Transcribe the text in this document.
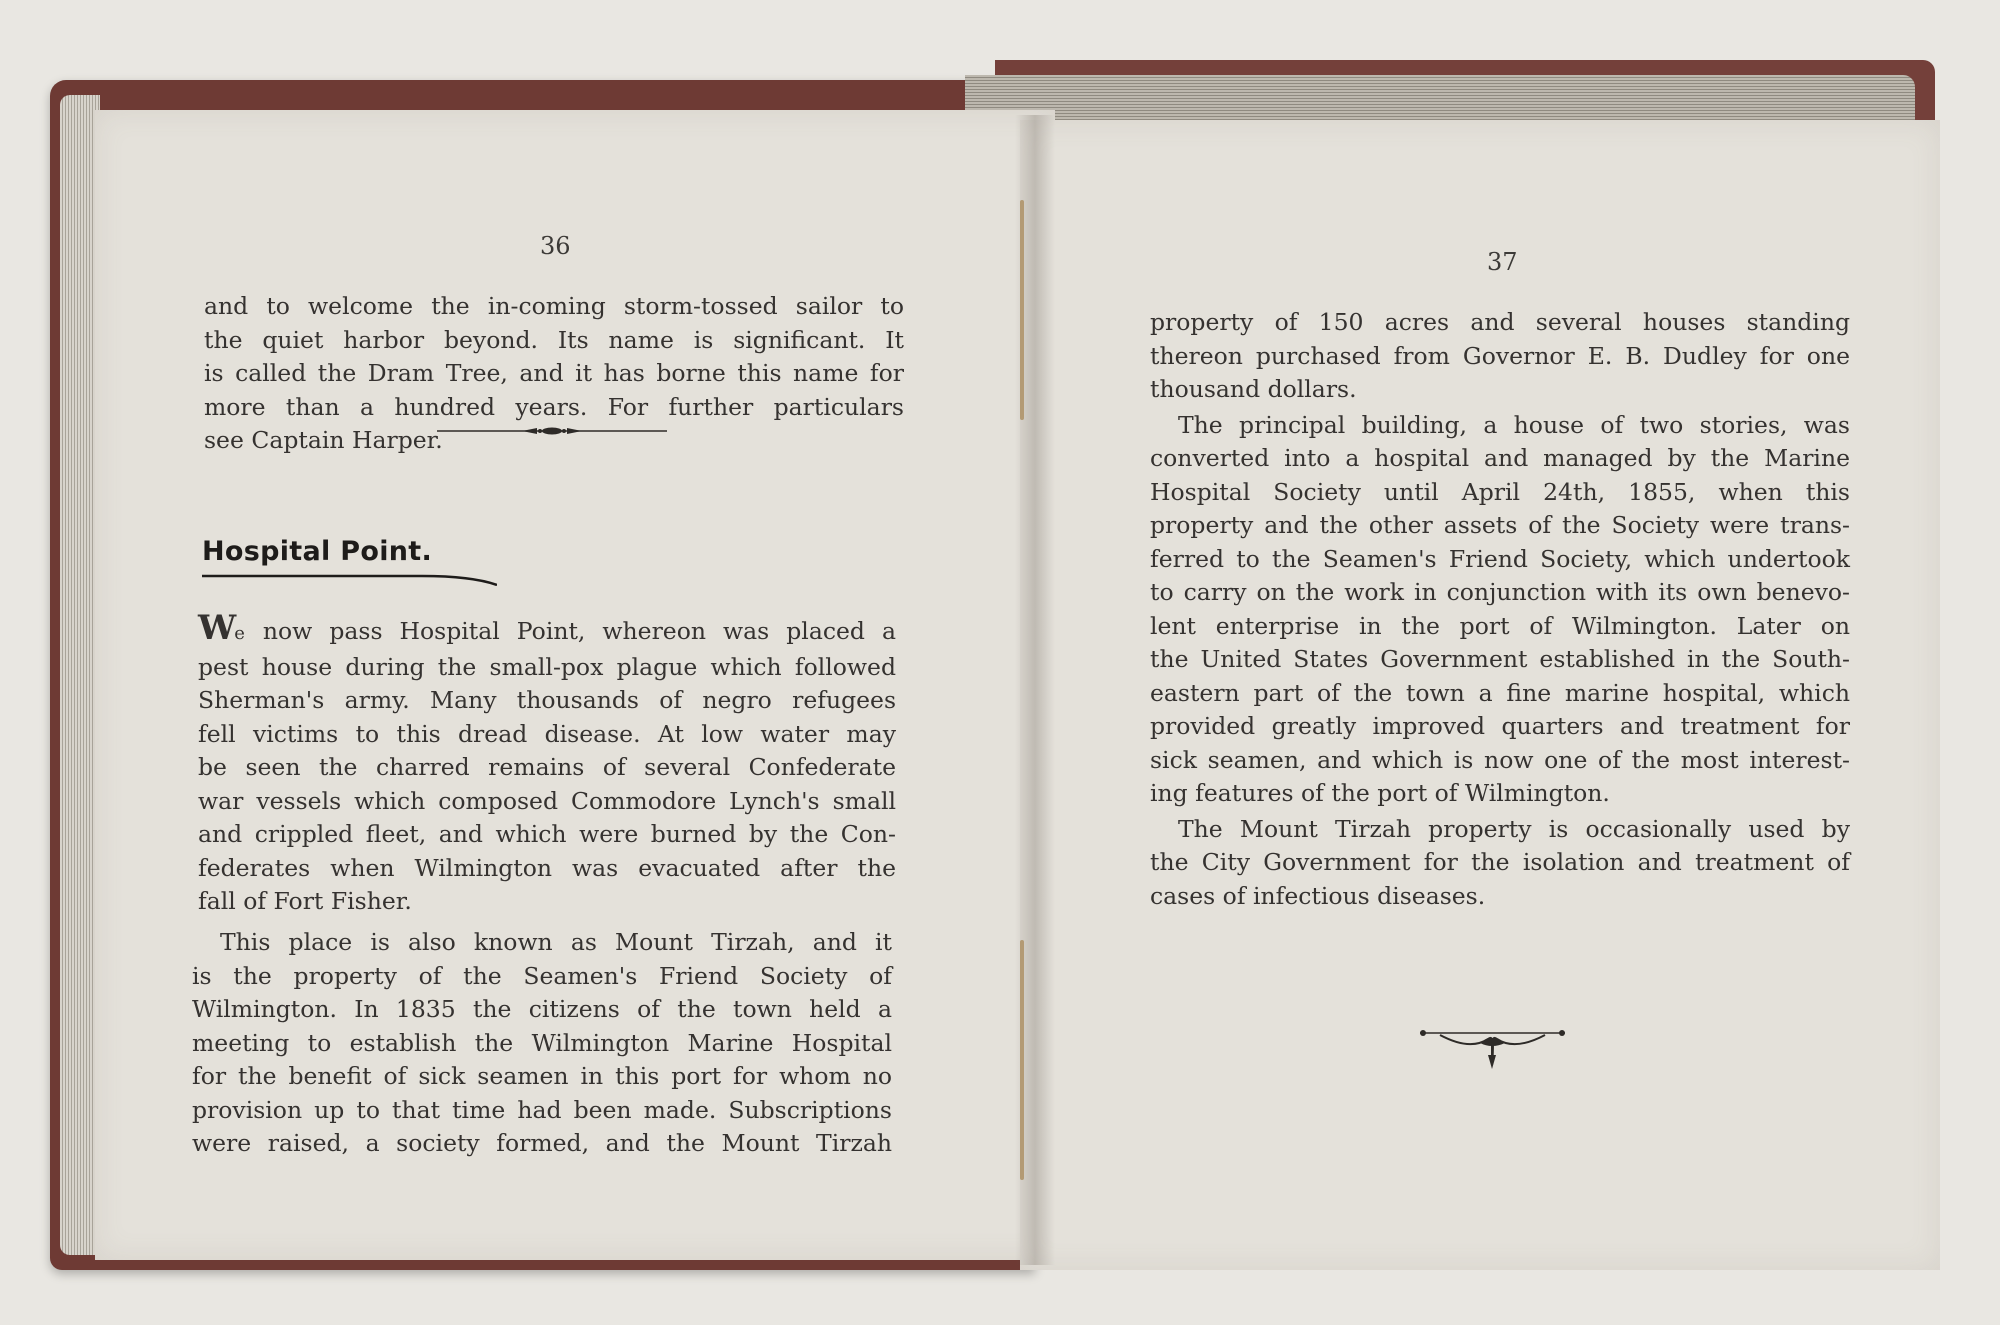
36

and to welcome the in-coming storm-tossed sailor to

the quiet harbor beyond. Its name is significant. It

is called the Dram Tree, and it has borne this name for

more than a hundred years. For further particulars

see Captain Harper.

Hospital Point.

We now pass Hospital Point, whereon was placed a

pest house during the small-pox plague which followed

Sherman's army. Many thousands of negro refugees

fell victims to this dread disease. At low water may

be seen the charred remains of several Confederate

war vessels which composed Commodore Lynch's small

and crippled fleet, and which were burned by the Con-

federates when Wilmington was evacuated after the

fall of Fort Fisher.

This place is also known as Mount Tirzah, and it

is the property of the Seamen's Friend Society of

Wilmington. In 1835 the citizens of the town held a

meeting to establish the Wilmington Marine Hospital

for the benefit of sick seamen in this port for whom no

provision up to that time had been made. Subscriptions

were raised, a society formed, and the Mount Tirzah

37

property of 150 acres and several houses standing

thereon purchased from Governor E. B. Dudley for one

thousand dollars.

The principal building, a house of two stories, was

converted into a hospital and managed by the Marine

Hospital Society until April 24th, 1855, when this

property and the other assets of the Society were trans-

ferred to the Seamen's Friend Society, which undertook

to carry on the work in conjunction with its own benevo-

lent enterprise in the port of Wilmington. Later on

the United States Government established in the South-

eastern part of the town a fine marine hospital, which

provided greatly improved quarters and treatment for

sick seamen, and which is now one of the most interest-

ing features of the port of Wilmington.

The Mount Tirzah property is occasionally used by

the City Government for the isolation and treatment of

cases of infectious diseases.
